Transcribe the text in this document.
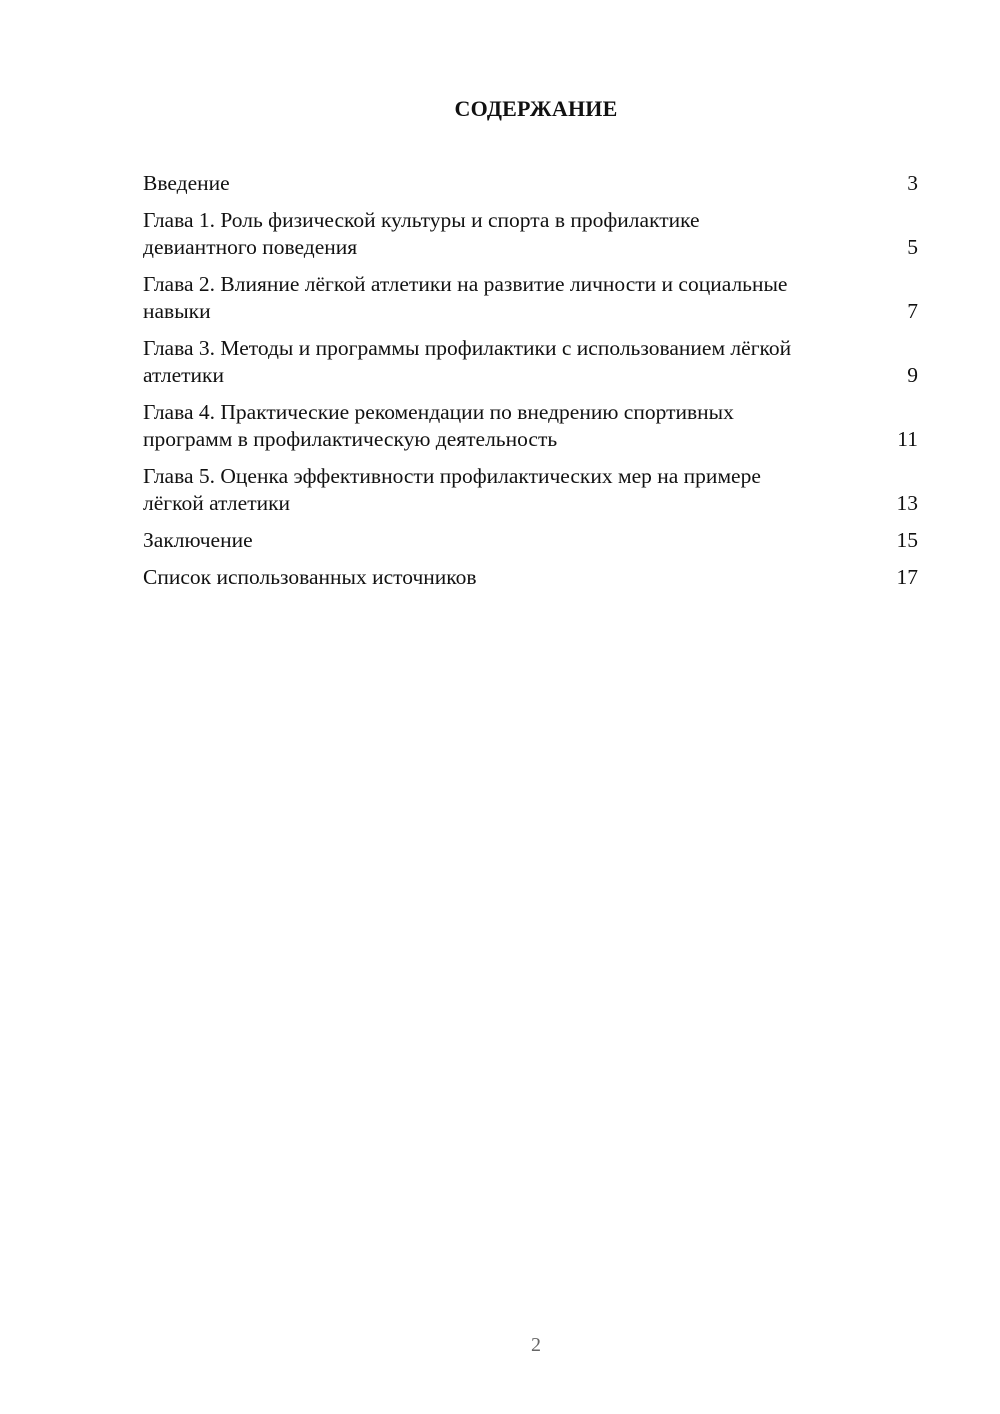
СОДЕРЖАНИЕ
Введение	3
Глава 1. Роль физической культуры и спорта в профилактике девиантного поведения	5
Глава 2. Влияние лёгкой атлетики на развитие личности и социальные навыки	7
Глава 3. Методы и программы профилактики с использованием лёгкой атлетики	9
Глава 4. Практические рекомендации по внедрению спортивных программ в профилактическую деятельность	11
Глава 5. Оценка эффективности профилактических мер на примере лёгкой атлетики	13
Заключение	15
Список использованных источников	17
2
